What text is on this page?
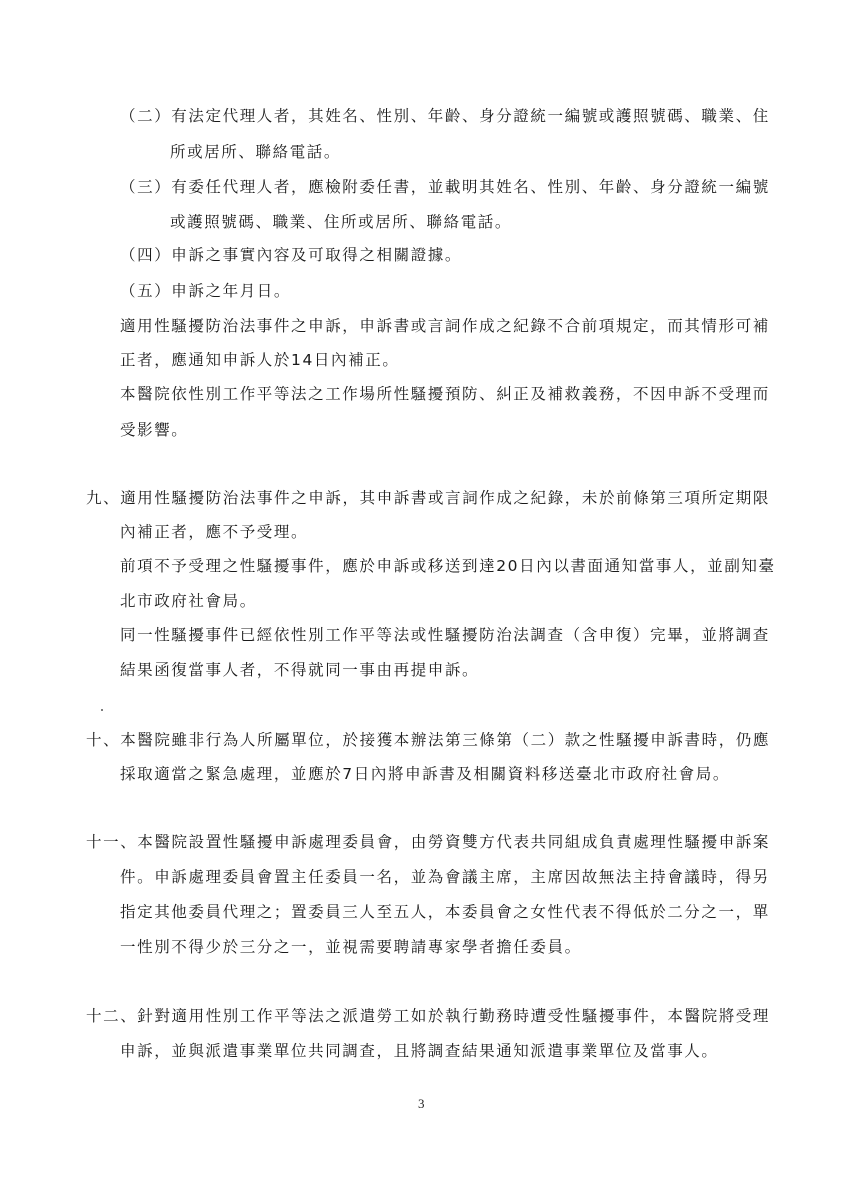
（二）有法定代理人者，其姓名、性別、年齡、身分證統一編號或護照號碼、職業、住
所或居所、聯絡電話。
（三）有委任代理人者，應檢附委任書，並載明其姓名、性別、年齡、身分證統一編號
或護照號碼、職業、住所或居所、聯絡電話。
（四）申訴之事實內容及可取得之相關證據。
（五）申訴之年月日。
適用性騷擾防治法事件之申訴，申訴書或言詞作成之紀錄不合前項規定，而其情形可補
正者，應通知申訴人於14日內補正。
本醫院依性別工作平等法之工作場所性騷擾預防、糾正及補救義務，不因申訴不受理而
受影響。
九、適用性騷擾防治法事件之申訴，其申訴書或言詞作成之紀錄，未於前條第三項所定期限
內補正者，應不予受理。
前項不予受理之性騷擾事件，應於申訴或移送到達20日內以書面通知當事人，並副知臺
北市政府社會局。
同一性騷擾事件已經依性別工作平等法或性騷擾防治法調查（含申復）完畢，並將調查
結果函復當事人者，不得就同一事由再提申訴。
十、本醫院雖非行為人所屬單位，於接獲本辦法第三條第（二）款之性騷擾申訴書時，仍應
採取適當之緊急處理，並應於7日內將申訴書及相關資料移送臺北市政府社會局。
十一、本醫院設置性騷擾申訴處理委員會，由勞資雙方代表共同組成負責處理性騷擾申訴案
件。申訴處理委員會置主任委員一名，並為會議主席，主席因故無法主持會議時，得另
指定其他委員代理之；置委員三人至五人，本委員會之女性代表不得低於二分之一，單
一性別不得少於三分之一，並視需要聘請專家學者擔任委員。
十二、針對適用性別工作平等法之派遣勞工如於執行勤務時遭受性騷擾事件，本醫院將受理
申訴，並與派遣事業單位共同調查，且將調查結果通知派遣事業單位及當事人。
3
